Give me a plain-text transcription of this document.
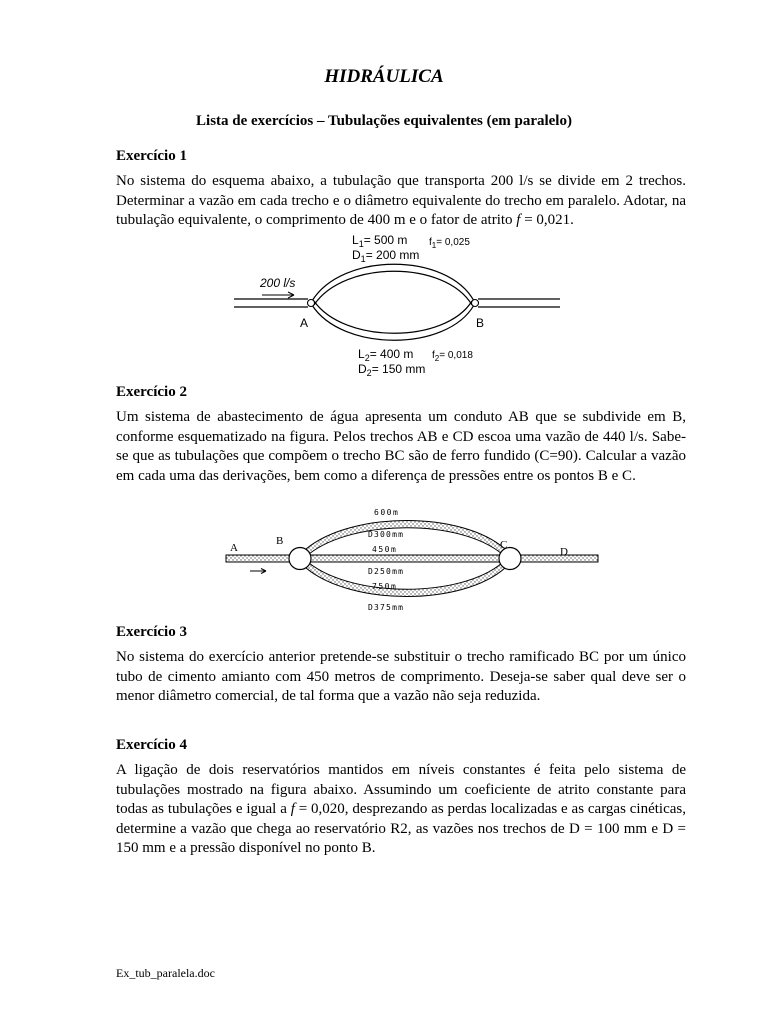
HIDRÁULICA
Lista de exercícios – Tubulações equivalentes (em paralelo)
Exercício 1

No sistema do esquema abaixo, a tubulação que transporta 200 l/s se divide em 2 trechos. Determinar a vazão em cada trecho e o diâmetro equivalente do trecho em paralelo. Adotar, na tubulação equivalente, o comprimento de 400 m e o fator de atrito f = 0,021.

200 l/s
A	B
$L_1= 500$ m $f_1= 0,025$
$D_1= 200$ mm
$L_2= 400$ m $f_2= 0,018$
$D_2= 150$ mm
Exercício 2

Um sistema de abastecimento de água apresenta um conduto AB que se subdivide em B, conforme esquematizado na figura. Pelos trechos AB e CD escoa uma vazão de 440 l/s. Sabe-se que as tubulações que compõem o trecho BC são de ferro fundido (C=90). Calcular a vazão em cada uma das derivações, bem como a diferença de pressões entre os pontos B e C.

A
B	C
D
600m
D300mm
450m
D250mm
750m
D375mm
Exercício 3

No sistema do exercício anterior pretende-se substituir o trecho ramificado BC por um único tubo de cimento amianto com 450 metros de comprimento. Deseja-se saber qual deve ser o menor diâmetro comercial, de tal forma que a vazão não seja reduzida.

Exercício 4

A ligação de dois reservatórios mantidos em níveis constantes é feita pelo sistema de tubulações mostrado na figura abaixo. Assumindo um coeficiente de atrito constante para todas as tubulações e igual a f = 0,020, desprezando as perdas localizadas e as cargas cinéticas, determine a vazão que chega ao reservatório R2, as vazões nos trechos de D = 100 mm e D = 150 mm e a pressão disponível no ponto B.

Ex_tub_paralela.doc
